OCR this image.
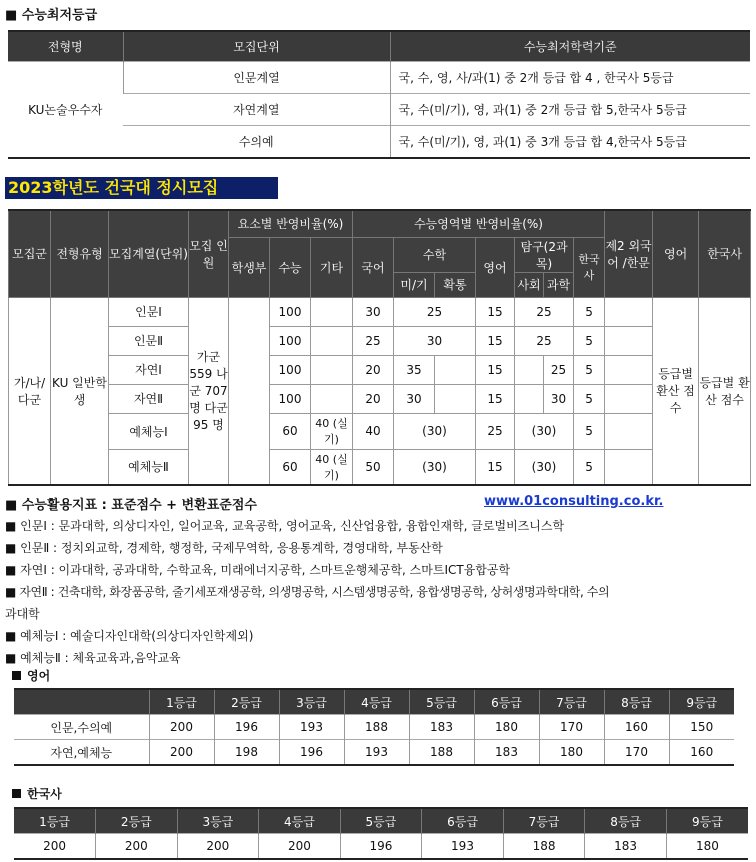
■ 수능최저등급
전형명	모집단위	수능최저학력기준
KU논술우수자	인문계열	국, 수, 영, 사/과(1) 중 2개 등급 합 4 , 한국사 5등급
	자연계열	국, 수(미/기), 영, 과(1) 중 2개 등급 합 5,한국사 5등급
	수의예	국, 수(미/기), 영, 과(1) 중 3개 등급 합 4,한국사 5등급
2023학년도 건국대 정시모집
모집군	전형유형	모집계열(단위)	모집 인원	요소별 반영비율(%)			수능영역별 반영비율(%)							제2 외국어 /한문	영어	한국사
				학생부	수능	기타	국어	수학		영어	탐구(2과목)		한국사			
								미/기	확통		사회	과학				
가/나/ 다군	KU 일반학생	인문Ⅰ	가군 559 나군 707명 다군95 명		100		30	25		15	25		5		등급별 환산 점수	등급별 환산 점수
		인문Ⅱ			100		25	30		15	25		5			
		자연Ⅰ			100		20	35		15		25	5			
		자연Ⅱ			100		20	30		15		30	5			
		예체능Ⅰ			60	40 (실기)	40	(30)		25	(30)		5			
		예체능Ⅱ			60	40 (실기)	50	(30)		15	(30)		5			
■ 수능활용지표 : 표준점수 + 변환표준점수	www.01consulting.co.kr.
■ 인문Ⅰ : 문과대학, 의상디자인, 일어교육, 교육공학, 영어교육, 신산업융합, 융합인재학, 글로벌비즈니스학
■ 인문Ⅱ : 정치외교학, 경제학, 행정학, 국제무역학, 응용통계학, 경영대학, 부동산학
■ 자연Ⅰ : 이과대학, 공과대학, 수학교육, 미래에너지공학, 스마트운행체공학, 스마트ICT융합공학
■ 자연Ⅱ : 건축대학, 화장품공학, 줄기세포재생공학, 의생명공학, 시스템생명공학, 융합생명공학, 상허생명과학대학, 수의
과대학
■ 예체능Ⅰ : 예술디자인대학(의상디자인학제외)
■ 예체능Ⅱ : 체육교육과,음악교육
영어
	1등급	2등급	3등급	4등급	5등급	6등급	7등급	8등급	9등급
인문,수의예	200	196	193	188	183	180	170	160	150
자연,예체능	200	198	196	193	188	183	180	170	160
한국사
1등급	2등급	3등급	4등급	5등급	6등급	7등급	8등급	9등급
200	200	200	200	196	193	188	183	180
